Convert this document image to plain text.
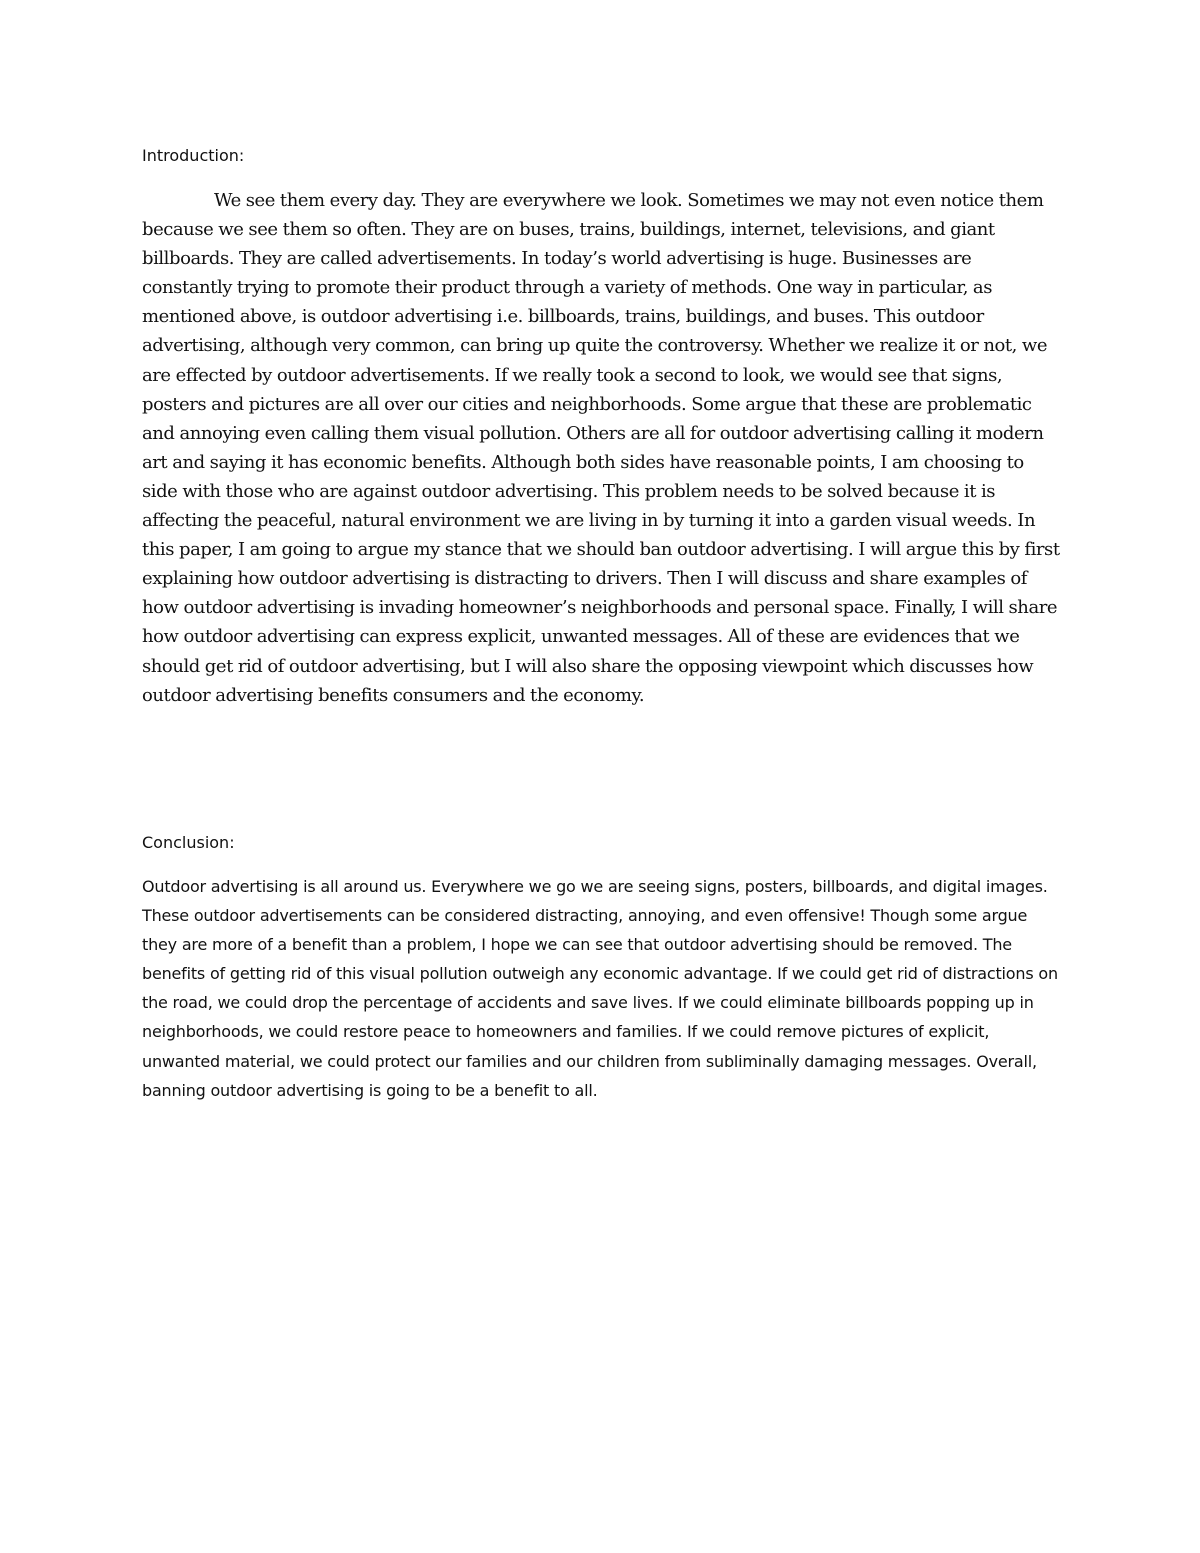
Introduction:

We see them every day. They are everywhere we look. Sometimes we may not even notice them because we see them so often. They are on buses, trains, buildings, internet, televisions, and giant billboards. They are called advertisements. In today’s world advertising is huge. Businesses are constantly trying to promote their product through a variety of methods. One way in particular, as mentioned above, is outdoor advertising i.e. billboards, trains, buildings, and buses. This outdoor advertising, although very common, can bring up quite the controversy. Whether we realize it or not, we are effected by outdoor advertisements. If we really took a second to look, we would see that signs, posters and pictures are all over our cities and neighborhoods. Some argue that these are problematic and annoying even calling them visual pollution. Others are all for outdoor advertising calling it modern art and saying it has economic benefits. Although both sides have reasonable points, I am choosing to side with those who are against outdoor advertising. This problem needs to be solved because it is affecting the peaceful, natural environment we are living in by turning it into a garden visual weeds. In this paper, I am going to argue my stance that we should ban outdoor advertising. I will argue this by first explaining how outdoor advertising is distracting to drivers. Then I will discuss and share examples of how outdoor advertising is invading homeowner’s neighborhoods and personal space. Finally, I will share how outdoor advertising can express explicit, unwanted messages. All of these are evidences that we should get rid of outdoor advertising, but I will also share the opposing viewpoint which discusses how outdoor advertising benefits consumers and the economy.

Conclusion:

Outdoor advertising is all around us. Everywhere we go we are seeing signs, posters, billboards, and digital images. These outdoor advertisements can be considered distracting, annoying, and even offensive! Though some argue they are more of a benefit than a problem, I hope we can see that outdoor advertising should be removed. The benefits of getting rid of this visual pollution outweigh any economic advantage. If we could get rid of distractions on the road, we could drop the percentage of accidents and save lives. If we could eliminate billboards popping up in neighborhoods, we could restore peace to homeowners and families. If we could remove pictures of explicit, unwanted material, we could protect our families and our children from subliminally damaging messages. Overall, banning outdoor advertising is going to be a benefit to all.
